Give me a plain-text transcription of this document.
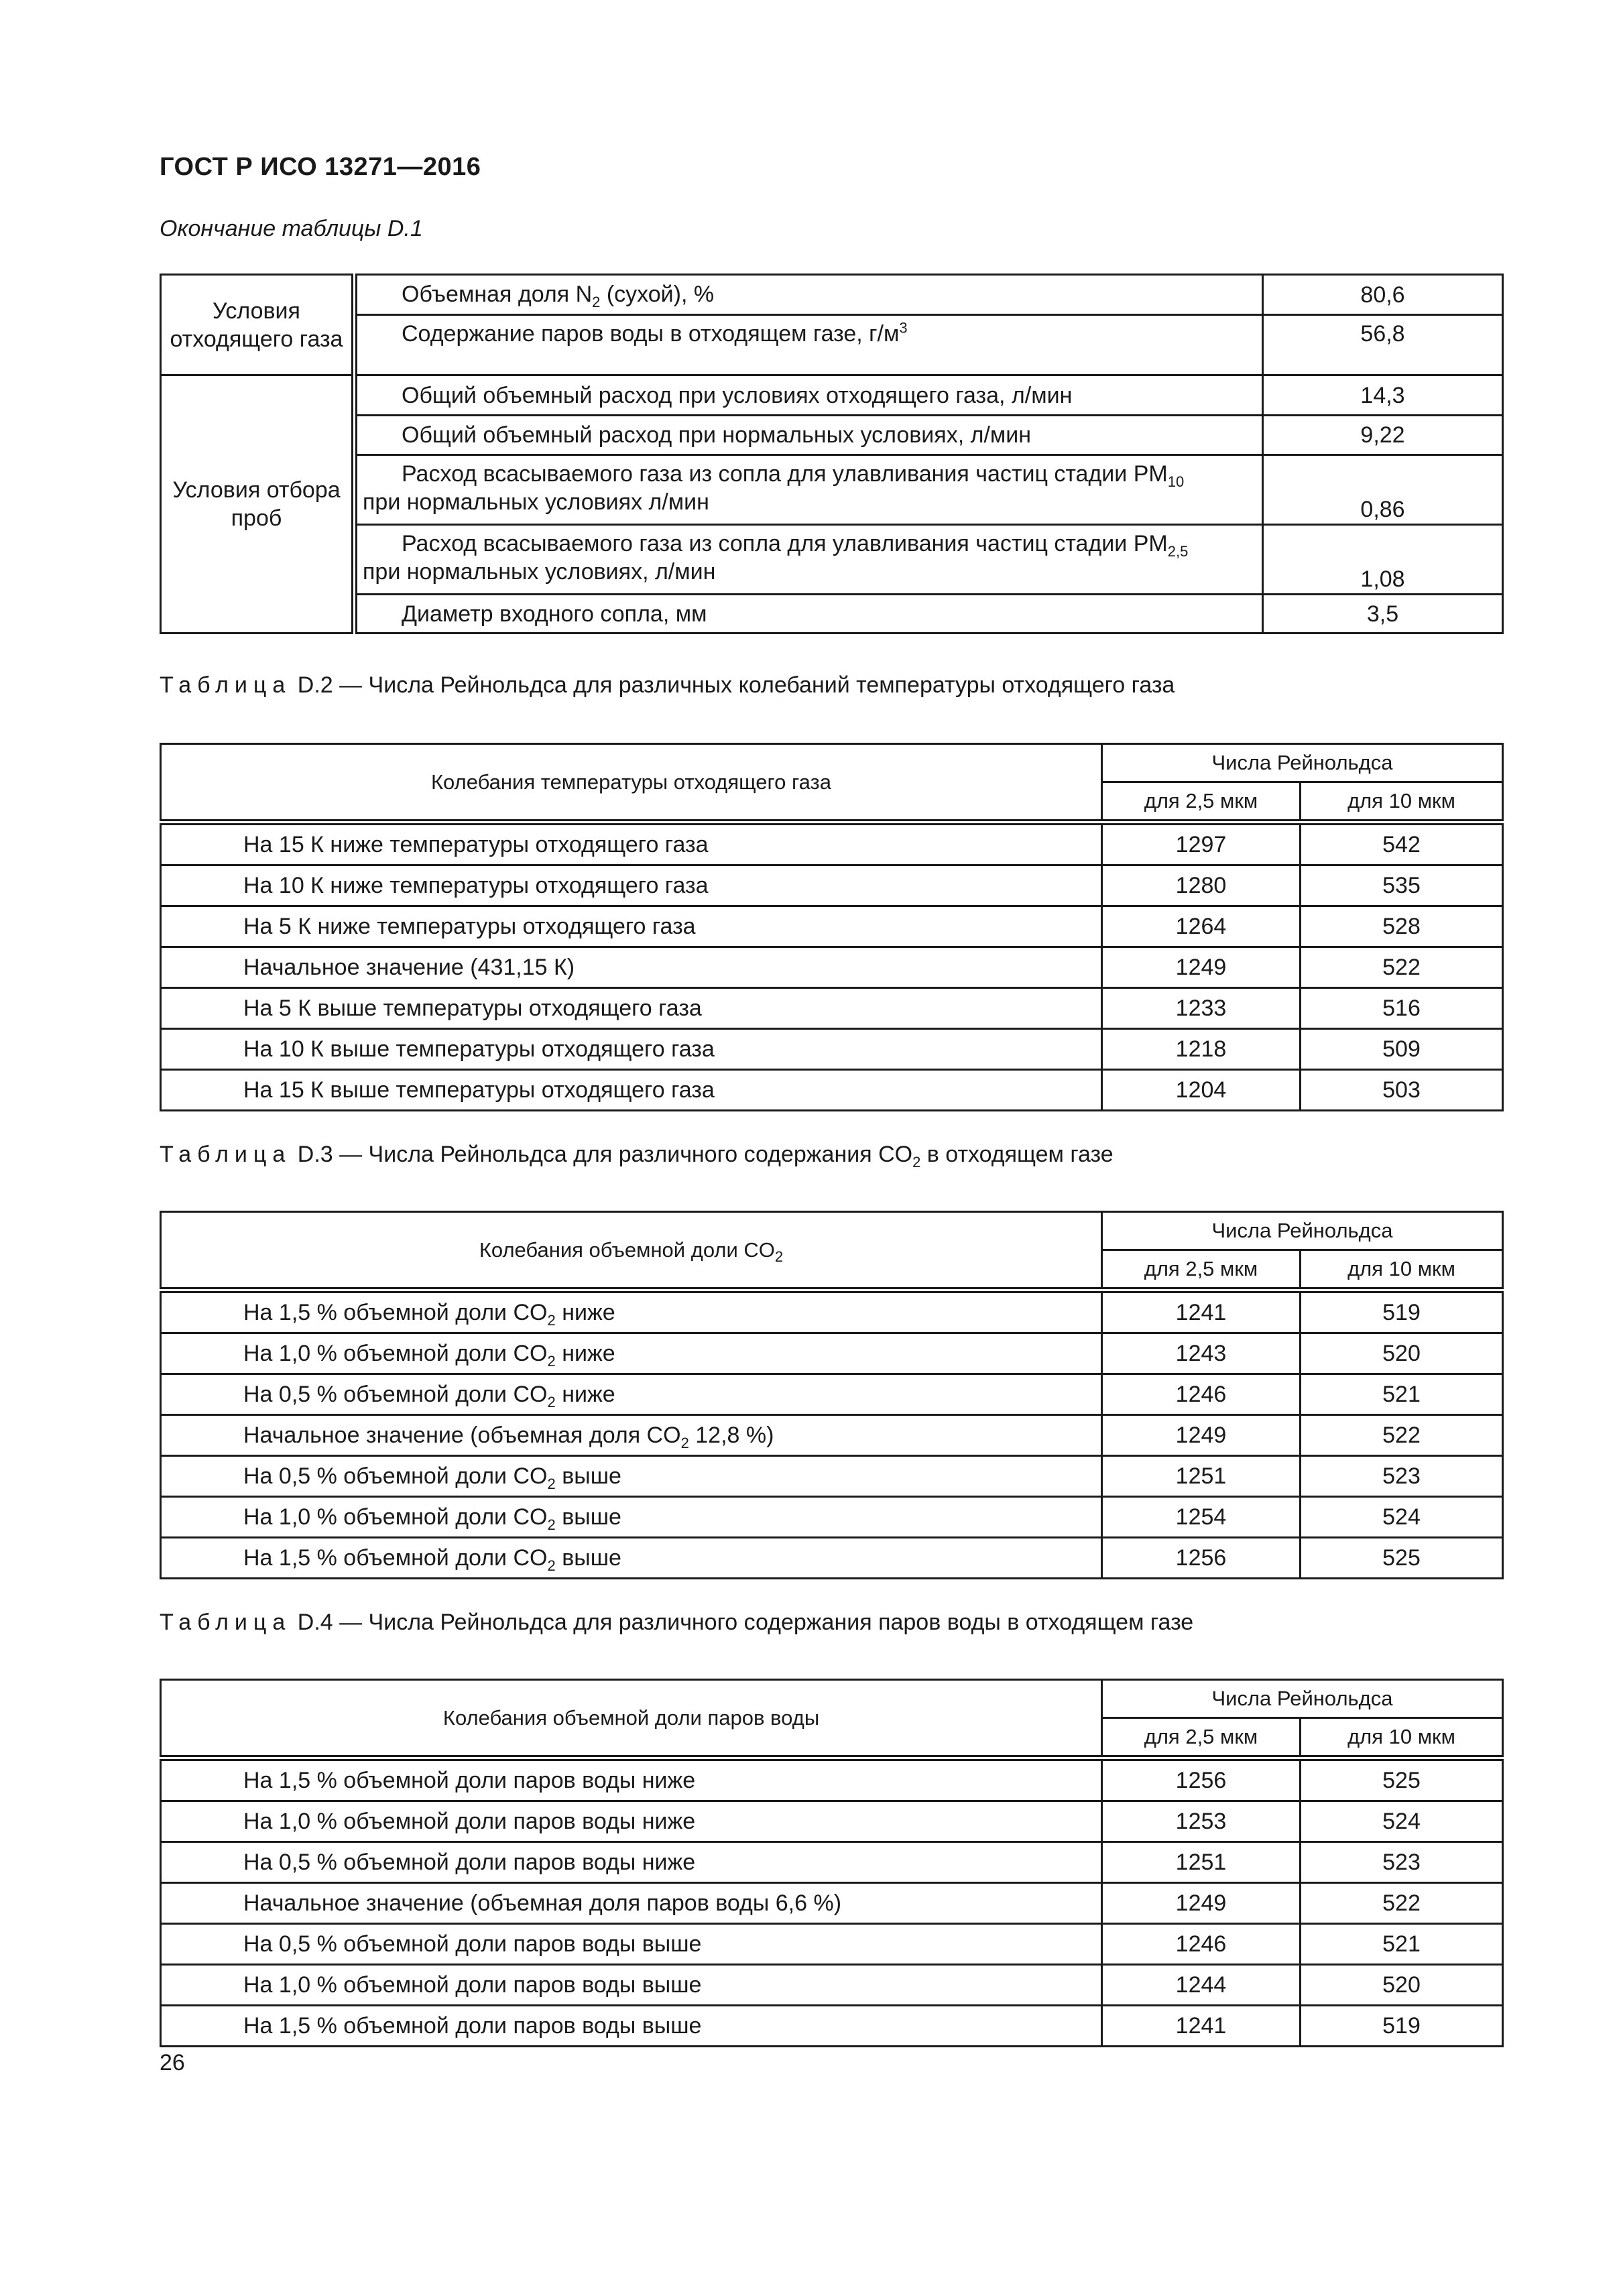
ГОСТ Р ИСО 13271—2016
Окончание таблицы D.1
Условия отходящего газа	Объемная доля $N_2$ (сухой), %	80,6
	Содержание паров воды в отходящем газе, $г/м^3$	56,8
Условия отбора проб	Общий объемный расход при условиях отходящего газа, л/мин	14,3
	Общий объемный расход при нормальных условиях, л/мин	9,22
	Расход всасываемого газа из сопла для улавливания частиц стадии $PM_{10}$
при нормальных условиях л/мин	0,86
	Расход всасываемого газа из сопла для улавливания частиц стадии $PM_{2,5}$
при нормальных условиях, л/мин	1,08
	Диаметр входного сопла, мм	3,5
Таблица D.2 — Числа Рейнольдса для различных колебаний температуры отходящего газа
Колебания температуры отходящего газа	Числа Рейнольдса	
	для 2,5 мкм	для 10 мкм
На 15 К ниже температуры отходящего газа	1297	542
На 10 К ниже температуры отходящего газа	1280	535
На 5 К ниже температуры отходящего газа	1264	528
Начальное значение (431,15 К)	1249	522
На 5 К выше температуры отходящего газа	1233	516
На 10 К выше температуры отходящего газа	1218	509
На 15 К выше температуры отходящего газа	1204	503
Таблица D.3 — Числа Рейнольдса для различного содержания $CO_2$ в отходящем газе
Колебания объемной доли $CO_2$	Числа Рейнольдса	
	для 2,5 мкм	для 10 мкм
На 1,5 % объемной доли $CO_2$ ниже	1241	519
На 1,0 % объемной доли $CO_2$ ниже	1243	520
На 0,5 % объемной доли $CO_2$ ниже	1246	521
Начальное значение (объемная доля $CO_2$ 12,8 %)	1249	522
На 0,5 % объемной доли $CO_2$ выше	1251	523
На 1,0 % объемной доли $CO_2$ выше	1254	524
На 1,5 % объемной доли $CO_2$ выше	1256	525
Таблица D.4 — Числа Рейнольдса для различного содержания паров воды в отходящем газе
Колебания объемной доли паров воды	Числа Рейнольдса	
	для 2,5 мкм	для 10 мкм
На 1,5 % объемной доли паров воды ниже	1256	525
На 1,0 % объемной доли паров воды ниже	1253	524
На 0,5 % объемной доли паров воды ниже	1251	523
Начальное значение (объемная доля паров воды 6,6 %)	1249	522
На 0,5 % объемной доли паров воды выше	1246	521
На 1,0 % объемной доли паров воды выше	1244	520
На 1,5 % объемной доли паров воды выше	1241	519
26
